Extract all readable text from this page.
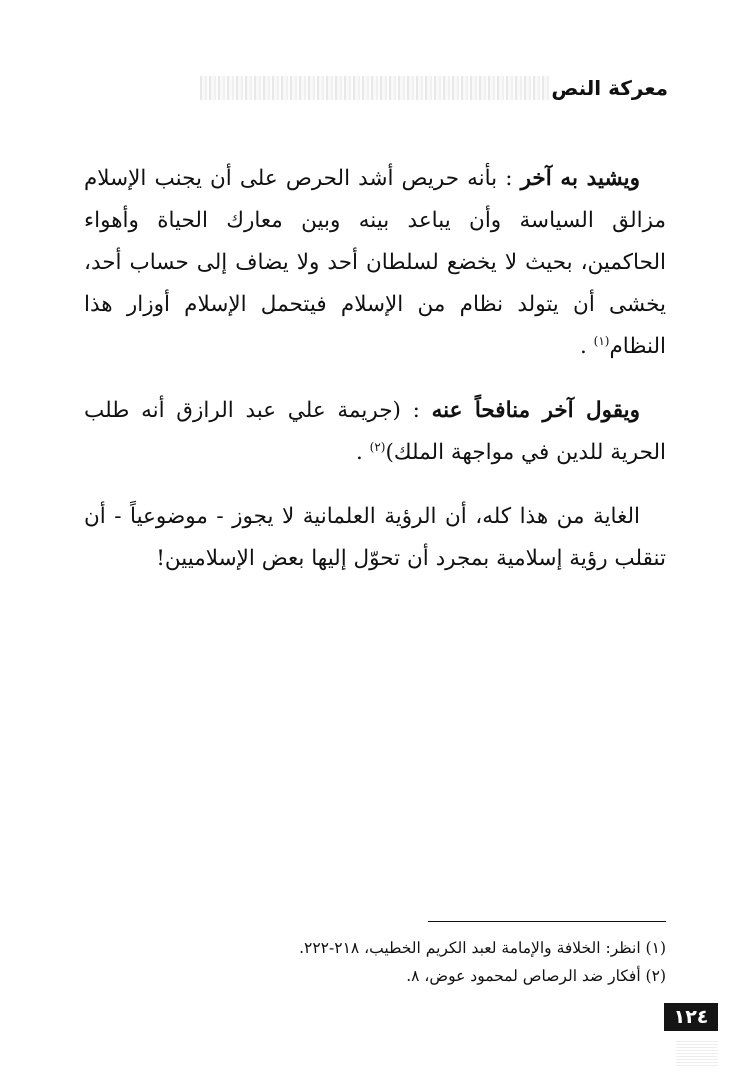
معركة النص

ويشيد به آخر : بأنه حريص أشد الحرص على أن يجنب الإسلام مزالق السياسة وأن يباعد بينه وبين معارك الحياة وأهواء الحاكمين، بحيث لا يخضع لسلطان أحد ولا يضاف إلى حساب أحد، يخشى أن يتولد نظام من الإسلام فيتحمل الإسلام أوزار هذا النظام$^{(١)}$ .

ويقول آخر منافحاً عنه : (جريمة علي عبد الرازق أنه طلب الحرية للدين في مواجهة الملك)$^{(٢)}$ .

الغاية من هذا كله، أن الرؤية العلمانية لا يجوز - موضوعياً - أن تنقلب رؤية إسلامية بمجرد أن تحوّل إليها بعض الإسلاميين!

(١) انظر: الخلافة والإمامة لعبد الكريم الخطيب، ٢١٨-٢٢٢.

(٢) أفكار ضد الرصاص لمحمود عوض، ٨.

١٢٤
